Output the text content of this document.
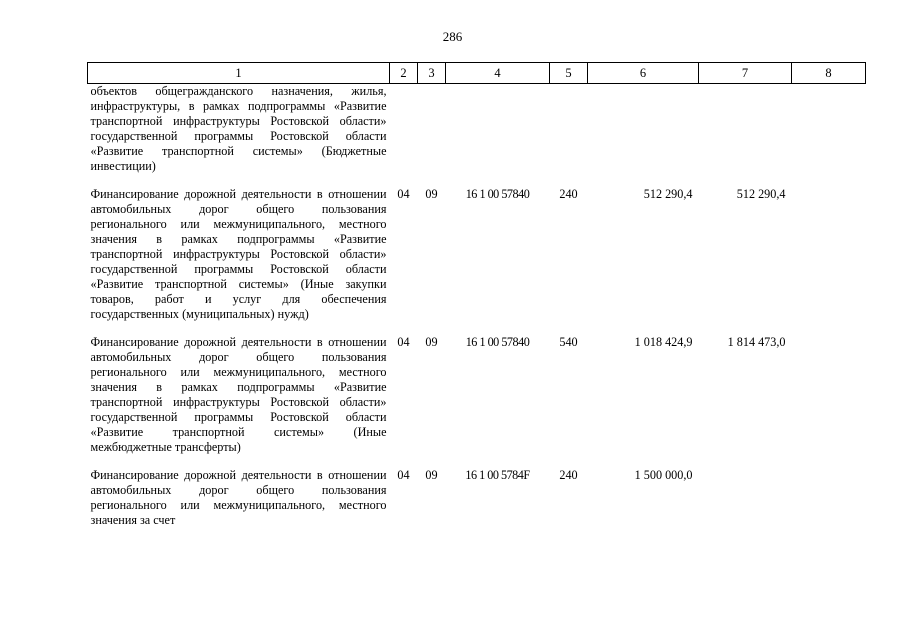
286
1	2	3	4	5	6	7	8
объектов общегражданского назначения, жилья, инфраструктуры, в рамках подпрограммы «Развитие транспортной инфраструктуры Ростовской области» государственной программы Ростовской области «Развитие транспортной системы» (Бюджетные инвестиции)							

Финансирование дорожной деятельности в отношении автомобильных дорог общего пользования регионального или межмуниципального, местного значения в рамках подпрограммы «Развитие транспортной инфраструктуры Ростовской области» государственной программы Ростовской области «Развитие транспортной системы» (Иные закупки товаров, работ и услуг для обеспечения государственных (муниципальных) нужд)	04	09	16 1 00 57840	240	512 290,4	512 290,4	

Финансирование дорожной деятельности в отношении автомобильных дорог общего пользования регионального или межмуниципального, местного значения в рамках подпрограммы «Развитие транспортной инфраструктуры Ростовской области» государственной программы Ростовской области «Развитие транспортной системы» (Иные межбюджетные трансферты)	04	09	16 1 00 57840	540	1 018 424,9	1 814 473,0	

Финансирование дорожной деятельности в отношении автомобильных дорог общего пользования регионального или межмуниципального, местного значения за счет	04	09	16 1 00 5784F	240	1 500 000,0		
